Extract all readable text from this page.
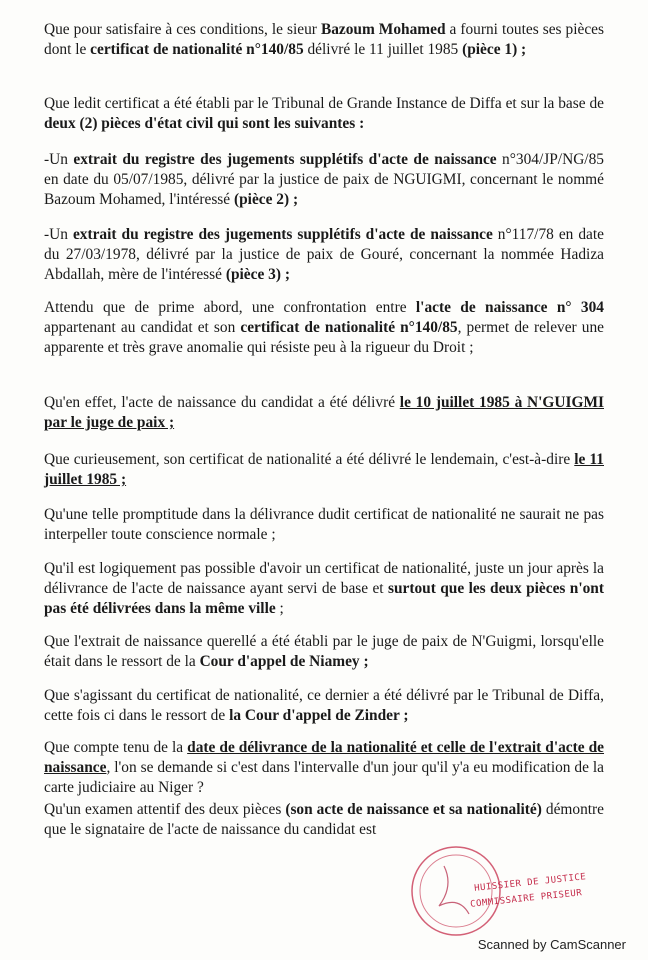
Que pour satisfaire à ces conditions, le sieur Bazoum Mohamed a fourni toutes ses pièces dont le certificat de nationalité n°140/85 délivré le 11 juillet 1985 (pièce 1) ;

Que ledit certificat a été établi par le Tribunal de Grande Instance de Diffa et sur la base de deux (2) pièces d'état civil qui sont les suivantes :

-Un extrait du registre des jugements supplétifs d'acte de naissance n°304/JP/NG/85 en date du 05/07/1985, délivré par la justice de paix de NGUIGMI, concernant le nommé Bazoum Mohamed, l'intéressé (pièce 2) ;

-Un extrait du registre des jugements supplétifs d'acte de naissance n°117/78 en date du 27/03/1978, délivré par la justice de paix de Gouré, concernant la nommée Hadiza Abdallah, mère de l'intéressé (pièce 3) ;

Attendu que de prime abord, une confrontation entre l'acte de naissance n° 304 appartenant au candidat et son certificat de nationalité n°140/85, permet de relever une apparente et très grave anomalie qui résiste peu à la rigueur du Droit ;

Qu'en effet, l'acte de naissance du candidat a été délivré le 10 juillet 1985 à N'GUIGMI par le juge de paix ;

Que curieusement, son certificat de nationalité a été délivré le lendemain, c'est-à-dire le 11 juillet 1985 ;

Qu'une telle promptitude dans la délivrance dudit certificat de nationalité ne saurait ne pas interpeller toute conscience normale ;

Qu'il est logiquement pas possible d'avoir un certificat de nationalité, juste un jour après la délivrance de l'acte de naissance ayant servi de base et surtout que les deux pièces n'ont pas été délivrées dans la même ville ;

Que l'extrait de naissance querellé a été établi par le juge de paix de N'Guigmi, lorsqu'elle était dans le ressort de la Cour d'appel de Niamey ;

Que s'agissant du certificat de nationalité, ce dernier a été délivré par le Tribunal de Diffa, cette fois ci dans le ressort de la Cour d'appel de Zinder ;

Que compte tenu de la date de délivrance de la nationalité et celle de l'extrait d'acte de naissance, l'on se demande si c'est dans l'intervalle d'un jour qu'il y'a eu modification de la carte judiciaire au Niger ?

Qu'un examen attentif des deux pièces (son acte de naissance et sa nationalité) démontre que le signataire de l'acte de naissance du candidat est

HUISSIER DE JUSTICE
COMMISSAIRE PRISEUR
Scanned by CamScanner
